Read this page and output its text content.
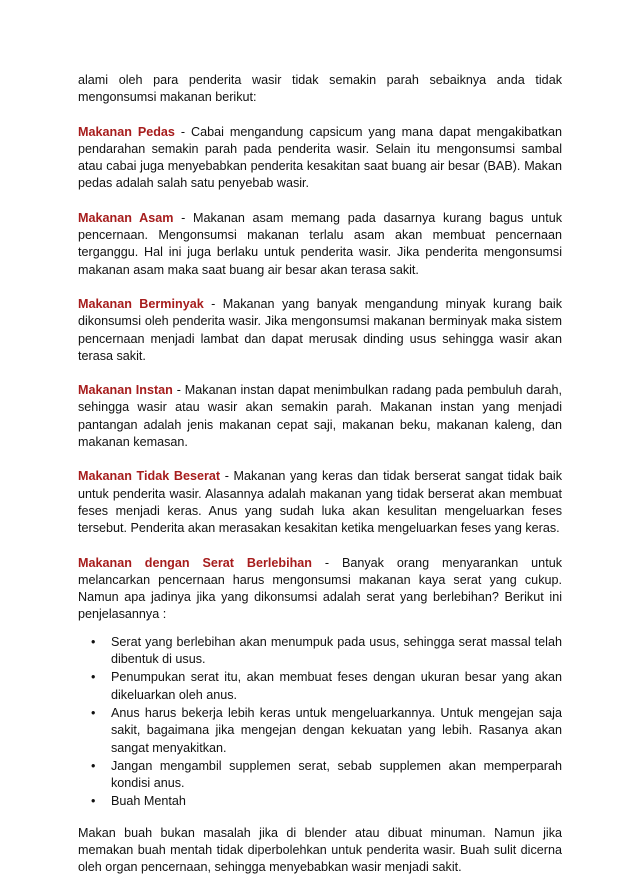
alami oleh para penderita wasir tidak semakin parah sebaiknya anda tidak mengonsumsi makanan berikut:

Makanan Pedas - Cabai mengandung capsicum yang mana dapat mengakibatkan pendarahan semakin parah pada penderita wasir. Selain itu mengonsumsi sambal atau cabai juga menyebabkan penderita kesakitan saat buang air besar (BAB). Makan pedas adalah salah satu penyebab wasir.

Makanan Asam - Makanan asam memang pada dasarnya kurang bagus untuk pencernaan. Mengonsumsi makanan terlalu asam akan membuat pencernaan terganggu. Hal ini juga berlaku untuk penderita wasir. Jika penderita mengonsumsi makanan asam maka saat buang air besar akan terasa sakit.

Makanan Berminyak - Makanan yang banyak mengandung minyak kurang baik dikonsumsi oleh penderita wasir. Jika mengonsumsi makanan berminyak maka sistem pencernaan menjadi lambat dan dapat merusak dinding usus sehingga wasir akan terasa sakit.

Makanan Instan - Makanan instan dapat menimbulkan radang pada pembuluh darah, sehingga wasir atau wasir akan semakin parah. Makanan instan yang menjadi pantangan adalah jenis makanan cepat saji, makanan beku, makanan kaleng, dan makanan kemasan.

Makanan Tidak Beserat - Makanan yang keras dan tidak berserat sangat tidak baik untuk penderita wasir. Alasannya adalah makanan yang tidak berserat akan membuat feses menjadi keras. Anus yang sudah luka akan kesulitan mengeluarkan feses tersebut. Penderita akan merasakan kesakitan ketika mengeluarkan feses yang keras.

Makanan dengan Serat Berlebihan - Banyak orang menyarankan untuk melancarkan pencernaan harus mengonsumsi makanan kaya serat yang cukup. Namun apa jadinya jika yang dikonsumsi adalah serat yang berlebihan? Berikut ini penjelasannya :

• Serat yang berlebihan akan menumpuk pada usus, sehingga serat massal telah dibentuk di usus.
• Penumpukan serat itu, akan membuat feses dengan ukuran besar yang akan dikeluarkan oleh anus.
• Anus harus bekerja lebih keras untuk mengeluarkannya. Untuk mengejan saja sakit, bagaimana jika mengejan dengan kekuatan yang lebih. Rasanya akan sangat menyakitkan.
• Jangan mengambil supplemen serat, sebab supplemen akan memperparah kondisi anus.
• Buah Mentah

Makan buah bukan masalah jika di blender atau dibuat minuman. Namun jika memakan buah mentah tidak diperbolehkan untuk penderita wasir. Buah sulit dicerna oleh organ pencernaan, sehingga menyebabkan wasir menjadi sakit.
